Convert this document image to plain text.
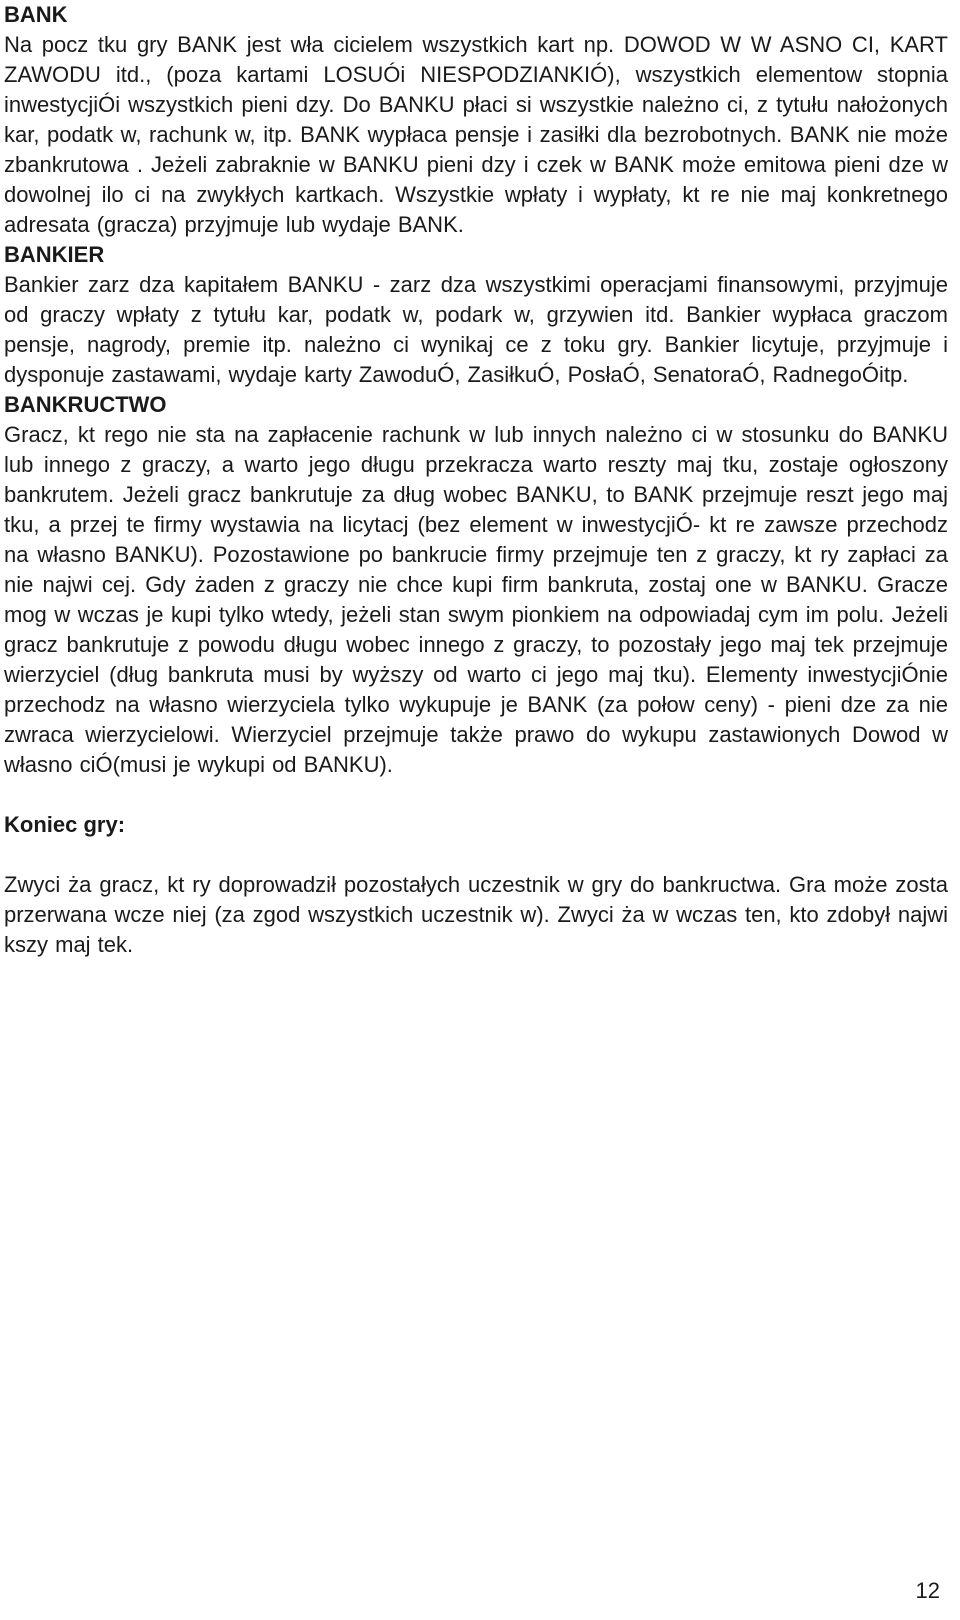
BANK

Na pocz tku gry BANK jest wła cicielem wszystkich kart np. DOWOD W W ASNO CI, KART ZAWODU itd., (poza kartami LOSUÓi NIESPODZIANKIÓ), wszystkich elementow stopnia inwestycjiÓi wszystkich pieni dzy. Do BANKU płaci si wszystkie należno ci, z tytułu nałożonych kar, podatk w, rachunk w, itp. BANK wypłaca pensje i zasiłki dla bezrobotnych. BANK nie może zbankrutowa . Jeżeli zabraknie w BANKU pieni dzy i czek w BANK może emitowa pieni dze w dowolnej ilo ci na zwykłych kartkach. Wszystkie wpłaty i wypłaty, kt re nie maj konkretnego adresata (gracza) przyjmuje lub wydaje BANK.

BANKIER

Bankier zarz dza kapitałem BANKU - zarz dza wszystkimi operacjami finansowymi, przyjmuje od graczy wpłaty z tytułu kar, podatk w, podark w, grzywien itd. Bankier wypłaca graczom pensje, nagrody, premie itp. należno ci wynikaj ce z toku gry. Bankier licytuje, przyjmuje i dysponuje zastawami, wydaje karty ZawoduÓ, ZasiłkuÓ, PosłaÓ, SenatoraÓ, RadnegoÓitp.

BANKRUCTWO

Gracz, kt rego nie sta na zapłacenie rachunk w lub innych należno ci w stosunku do BANKU lub innego z graczy, a warto jego długu przekracza warto reszty maj tku, zostaje ogłoszony bankrutem. Jeżeli gracz bankrutuje za dług wobec BANKU, to BANK przejmuje reszt jego maj tku, a przej te firmy wystawia na licytacj (bez element w inwestycjiÓ- kt re zawsze przechodz na własno BANKU). Pozostawione po bankrucie firmy przejmuje ten z graczy, kt ry zapłaci za nie najwi cej. Gdy żaden z graczy nie chce kupi firm bankruta, zostaj one w BANKU. Gracze mog w wczas je kupi tylko wtedy, jeżeli stan swym pionkiem na odpowiadaj cym im polu. Jeżeli gracz bankrutuje z powodu długu wobec innego z graczy, to pozostały jego maj tek przejmuje wierzyciel (dług bankruta musi by wyższy od warto ci jego maj tku). Elementy inwestycjiÓnie przechodz na własno wierzyciela tylko wykupuje je BANK (za połow ceny) - pieni dze za nie zwraca wierzycielowi. Wierzyciel przejmuje także prawo do wykupu zastawionych Dowod w własno ciÓ(musi je wykupi od BANKU).

Koniec gry:

Zwyci ża gracz, kt ry doprowadził pozostałych uczestnik w gry do bankructwa. Gra może zosta przerwana wcze niej (za zgod wszystkich uczestnik w). Zwyci ża w wczas ten, kto zdobył najwi kszy maj tek.

12
